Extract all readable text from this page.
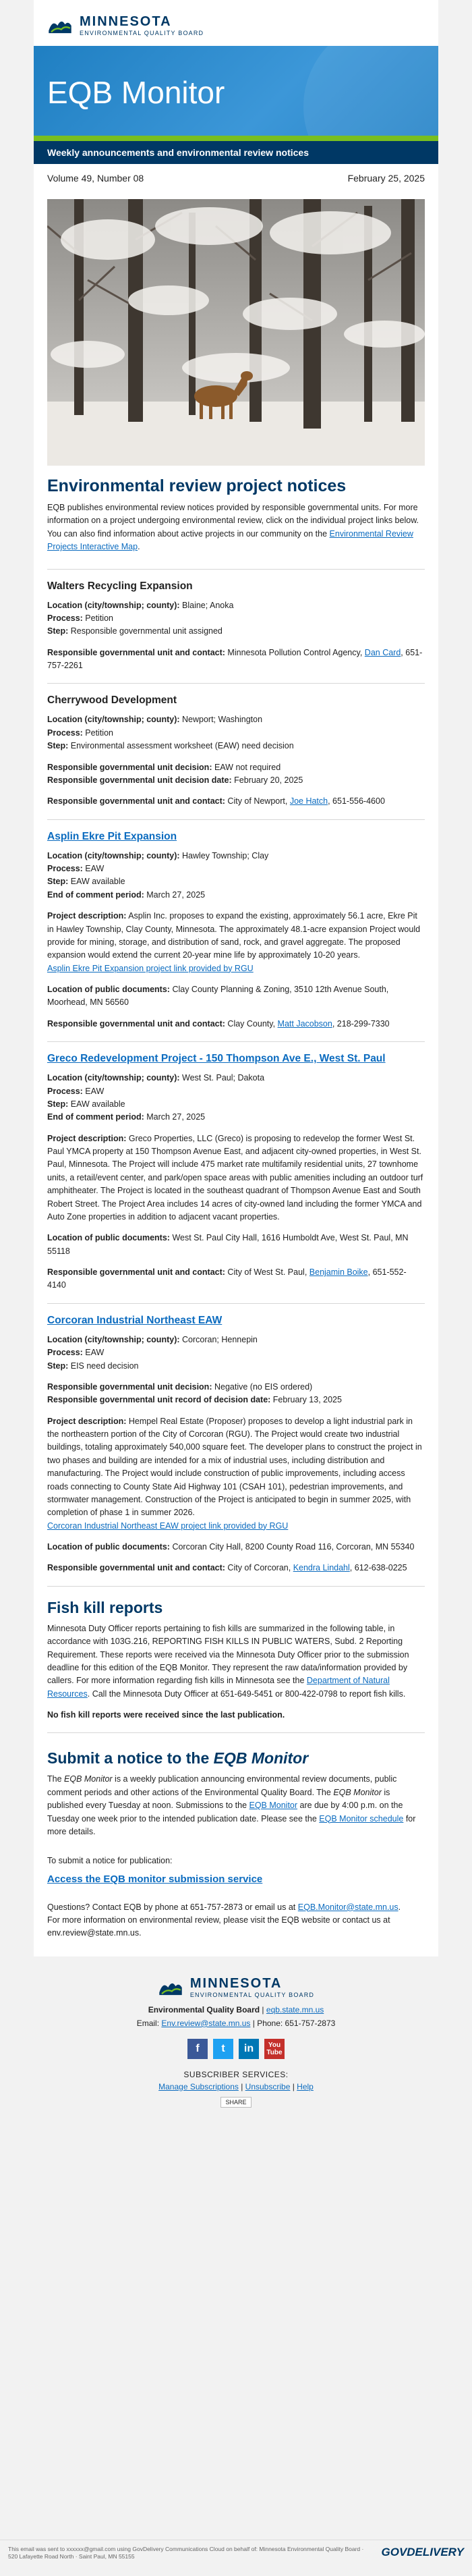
MINNESOTA
ENVIRONMENTAL QUALITY BOARD
EQB Monitor
Weekly announcements and environmental review notices
Volume 49, Number 08	February 25, 2025
Environmental review project notices

EQB publishes environmental review notices provided by responsible governmental units. For more information on a project undergoing environmental review, click on the individual project links below. You can also find information about active projects in our community on the Environmental Review Projects Interactive Map.

Walters Recycling Expansion
Location (city/township; county): Blaine; Anoka
Process: Petition
Step: Responsible governmental unit assigned
Responsible governmental unit and contact: Minnesota Pollution Control Agency, Dan Card, 651-757-2261
Cherrywood Development
Location (city/township; county): Newport; Washington
Process: Petition
Step: Environmental assessment worksheet (EAW) need decision
Responsible governmental unit decision: EAW not required
Responsible governmental unit decision date: February 20, 2025
Responsible governmental unit and contact: City of Newport, Joe Hatch, 651-556-4600
Asplin Ekre Pit Expansion
Location (city/township; county): Hawley Township; Clay
Process: EAW
Step: EAW available
End of comment period: March 27, 2025

Project description: Asplin Inc. proposes to expand the existing, approximately 56.1 acre, Ekre Pit in Hawley Township, Clay County, Minnesota. The approximately 48.1-acre expansion Project would provide for mining, storage, and distribution of sand, rock, and gravel aggregate. The proposed expansion would extend the current 20-year mine life by approximately 10-20 years.

Asplin Ekre Pit Expansion project link provided by RGU

Location of public documents: Clay County Planning & Zoning, 3510 12th Avenue South, Moorhead, MN 56560

Responsible governmental unit and contact: Clay County, Matt Jacobson, 218-299-7330
Greco Redevelopment Project - 150 Thompson Ave E., West St. Paul
Location (city/township; county): West St. Paul; Dakota
Process: EAW
Step: EAW available
End of comment period: March 27, 2025

Project description: Greco Properties, LLC (Greco) is proposing to redevelop the former West St. Paul YMCA property at 150 Thompson Avenue East, and adjacent city-owned properties, in West St. Paul, Minnesota. The Project will include 475 market rate multifamily residential units, 27 townhome units, a retail/event center, and park/open space areas with public amenities including an outdoor turf amphitheater. The Project is located in the southeast quadrant of Thompson Avenue East and South Robert Street. The Project Area includes 14 acres of city-owned land including the former YMCA and Auto Zone properties in addition to adjacent vacant properties.

Location of public documents: West St. Paul City Hall, 1616 Humboldt Ave, West St. Paul, MN 55118

Responsible governmental unit and contact: City of West St. Paul, Benjamin Boike, 651-552-4140

Corcoran Industrial Northeast EAW
Location (city/township; county): Corcoran; Hennepin
Process: EAW
Step: EIS need decision
Responsible governmental unit decision: Negative (no EIS ordered)
Responsible governmental unit record of decision date: February 13, 2025

Project description: Hempel Real Estate (Proposer) proposes to develop a light industrial park in the northeastern portion of the City of Corcoran (RGU). The Project would create two industrial buildings, totaling approximately 540,000 square feet. The developer plans to construct the project in two phases and building are intended for a mix of industrial uses, including distribution and manufacturing. The Project would include construction of public improvements, including access roads connecting to County State Aid Highway 101 (CSAH 101), pedestrian improvements, and stormwater management. Construction of the Project is anticipated to begin in summer 2025, with completion of phase 1 in summer 2026.

Corcoran Industrial Northeast EAW project link provided by RGU

Location of public documents: Corcoran City Hall, 8200 County Road 116, Corcoran, MN 55340

Responsible governmental unit and contact: City of Corcoran, Kendra Lindahl, 612-638-0225

Fish kill reports

Minnesota Duty Officer reports pertaining to fish kills are summarized in the following table, in accordance with 103G.216, REPORTING FISH KILLS IN PUBLIC WATERS, Subd. 2 Reporting Requirement. These reports were received via the Minnesota Duty Officer prior to the submission deadline for this edition of the EQB Monitor. They represent the raw data/information provided by callers. For more information regarding fish kills in Minnesota see the Department of Natural Resources. Call the Minnesota Duty Officer at 651-649-5451 or 800-422-0798 to report fish kills.

No fish kill reports were received since the last publication.

Submit a notice to the EQB Monitor

The EQB Monitor is a weekly publication announcing environmental review documents, public comment periods and other actions of the Environmental Quality Board. The EQB Monitor is published every Tuesday at noon. Submissions to the EQB Monitor are due by 4:00 p.m. on the Tuesday one week prior to the intended publication date. Please see the EQB Monitor schedule for more details.

To submit a notice for publication:

Access the EQB monitor submission service

Questions? Contact EQB by phone at 651-757-2873 or email us at EQB.Monitor@state.mn.us.

For more information on environmental review, please visit the EQB website or contact us at env.review@state.mn.us.

MINNESOTA
ENVIRONMENTAL QUALITY BOARD
Environmental Quality Board | eqb.state.mn.us
Email: Env.review@state.mn.us | Phone: 651-757-2873
f	t	in	You Tube
SUBSCRIBER SERVICES:
Manage Subscriptions | Unsubscribe | Help
SHARE
This email was sent to xxxxxx@gmail.com using GovDelivery Communications Cloud on behalf of: Minnesota Environmental Quality Board · 520 Lafayette Road North · Saint Paul, MN 55155	GOVDELIVERY
